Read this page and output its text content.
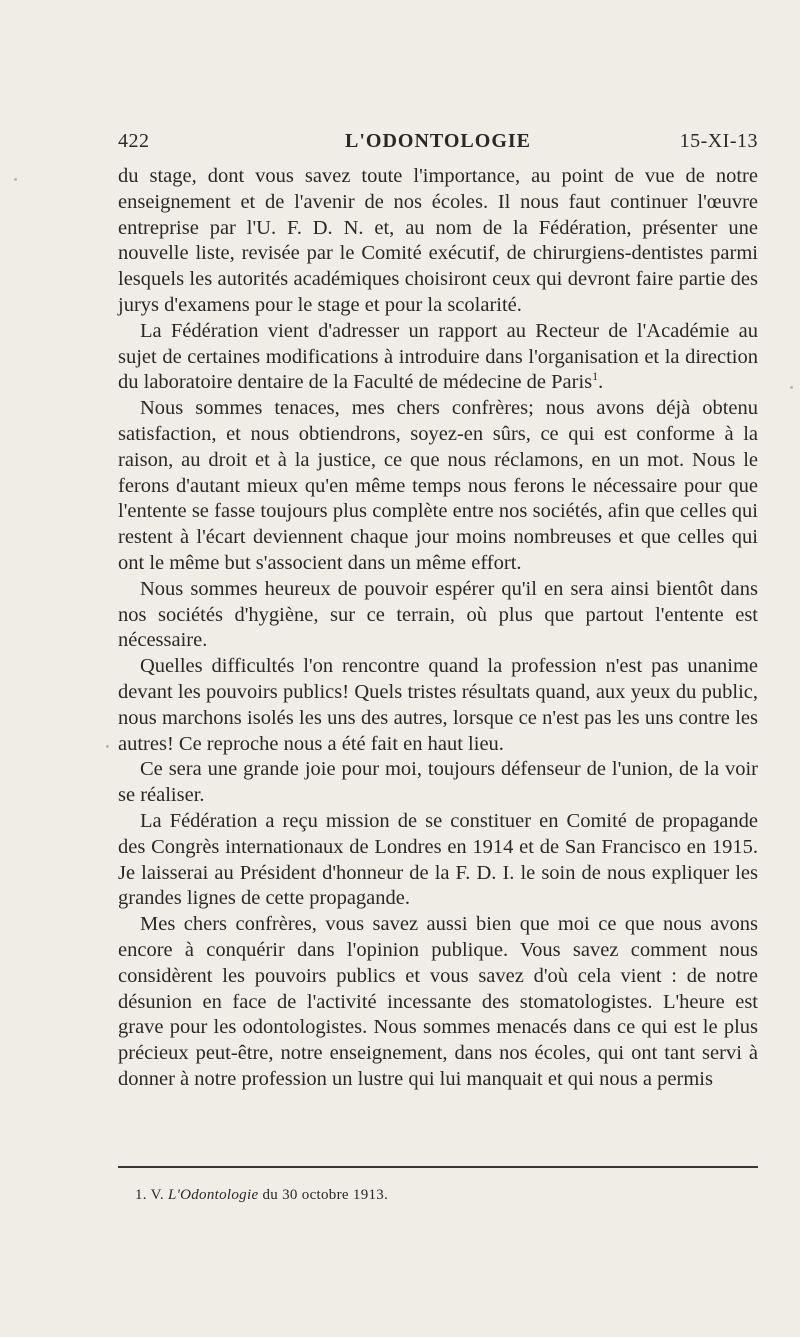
422	L'ODONTOLOGIE	15-XI-13

du stage, dont vous savez toute l'importance, au point de vue de notre enseignement et de l'avenir de nos écoles. Il nous faut continuer l'œuvre entreprise par l'U. F. D. N. et, au nom de la Fédération, présenter une nouvelle liste, revisée par le Comité exécutif, de chirurgiens-dentistes parmi lesquels les autorités académiques choisiront ceux qui devront faire partie des jurys d'examens pour le stage et pour la scolarité.

La Fédération vient d'adresser un rapport au Recteur de l'Académie au sujet de certaines modifications à introduire dans l'organisation et la direction du laboratoire dentaire de la Faculté de médecine de Paris$^1$.

Nous sommes tenaces, mes chers confrères; nous avons déjà obtenu satisfaction, et nous obtiendrons, soyez-en sûrs, ce qui est conforme à la raison, au droit et à la justice, ce que nous réclamons, en un mot. Nous le ferons d'autant mieux qu'en même temps nous ferons le nécessaire pour que l'entente se fasse toujours plus complète entre nos sociétés, afin que celles qui restent à l'écart deviennent chaque jour moins nombreuses et que celles qui ont le même but s'associent dans un même effort.

Nous sommes heureux de pouvoir espérer qu'il en sera ainsi bientôt dans nos sociétés d'hygiène, sur ce terrain, où plus que partout l'entente est nécessaire.

Quelles difficultés l'on rencontre quand la profession n'est pas unanime devant les pouvoirs publics! Quels tristes résultats quand, aux yeux du public, nous marchons isolés les uns des autres, lorsque ce n'est pas les uns contre les autres! Ce reproche nous a été fait en haut lieu.

Ce sera une grande joie pour moi, toujours défenseur de l'union, de la voir se réaliser.

La Fédération a reçu mission de se constituer en Comité de propagande des Congrès internationaux de Londres en 1914 et de San Francisco en 1915. Je laisserai au Président d'honneur de la F. D. I. le soin de nous expliquer les grandes lignes de cette propagande.

Mes chers confrères, vous savez aussi bien que moi ce que nous avons encore à conquérir dans l'opinion publique. Vous savez comment nous considèrent les pouvoirs publics et vous savez d'où cela vient : de notre désunion en face de l'activité incessante des stomatologistes. L'heure est grave pour les odontologistes. Nous sommes menacés dans ce qui est le plus précieux peut-être, notre enseignement, dans nos écoles, qui ont tant servi à donner à notre profession un lustre qui lui manquait et qui nous a permis

1. V. L'Odontologie du 30 octobre 1913.
